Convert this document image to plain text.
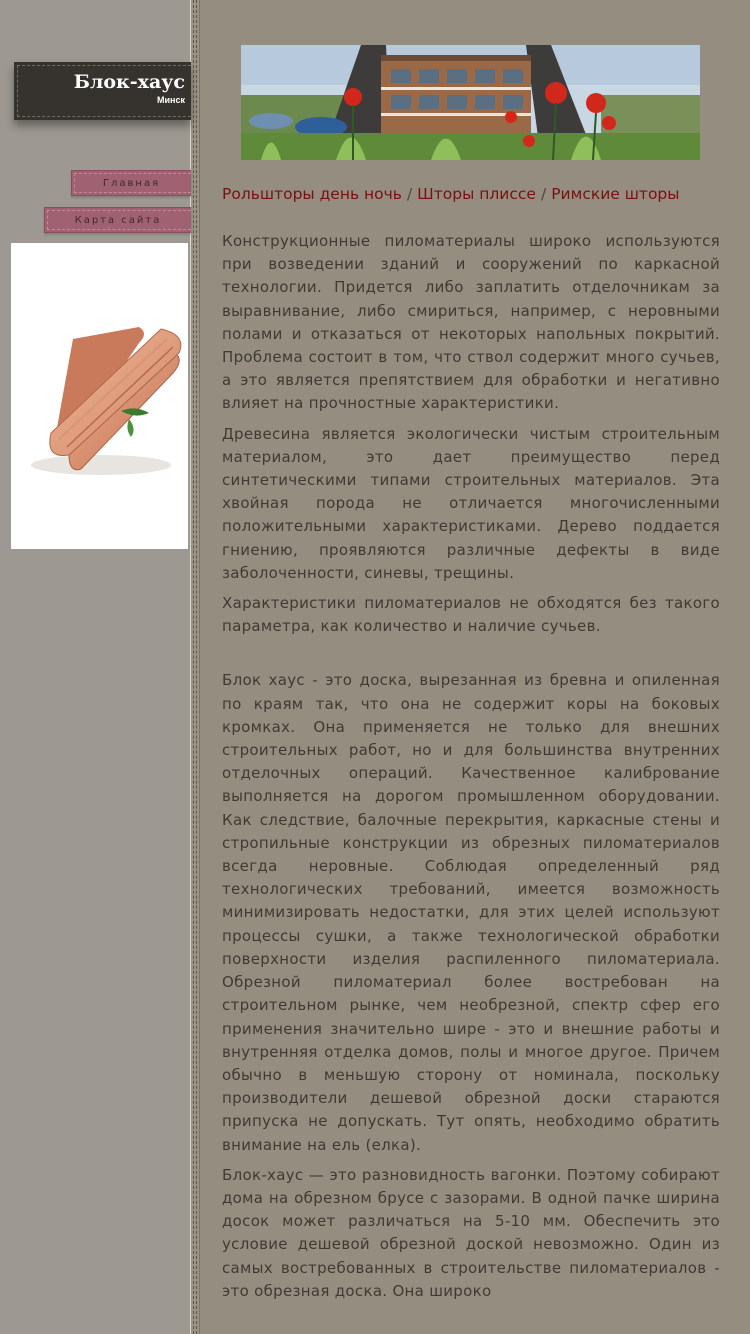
Блок-хаус
Минск
Главная
Карта сайта
Рольшторы день ночь / Шторы плиссе / Римские шторы

Конструкционные пиломатериалы широко используются при возведении зданий и сооружений по каркасной технологии. Придется либо заплатить отделочникам за выравнивание, либо смириться, например, с неровными полами и отказаться от некоторых напольных покрытий. Проблема состоит в том, что ствол содержит много сучьев, а это является препятствием для обработки и негативно влияет на прочностные характеристики.

Древесина является экологически чистым строительным материалом, это дает преимущество перед синтетическими типами строительных материалов. Эта хвойная порода не отличается многочисленными положительными характеристиками. Дерево поддается гниению, проявляются различные дефекты в виде заболоченности, синевы, трещины.

Характеристики пиломатериалов не обходятся без такого параметра, как количество и наличие сучьев.

Блок хаус - это доска, вырезанная из бревна и опиленная по краям так, что она не содержит коры на боковых кромках. Она применяется не только для внешних строительных работ, но и для большинства внутренних отделочных операций. Качественное калибрование выполняется на дорогом промышленном оборудовании. Как следствие, балочные перекрытия, каркасные стены и стропильные конструкции из обрезных пиломатериалов всегда неровные. Соблюдая определенный ряд технологических требований, имеется возможность минимизировать недостатки, для этих целей используют процессы сушки, а также технологической обработки поверхности изделия распиленного пиломатериала. Обрезной пиломатериал более востребован на строительном рынке, чем необрезной, спектр сфер его применения значительно шире - это и внешние работы и внутренняя отделка домов, полы и многое другое. Причем обычно в меньшую сторону от номинала, поскольку производители дешевой обрезной доски стараются припуска не допускать. Тут опять, необходимо обратить внимание на ель (елка).

Блок-хаус — это разновидность вагонки. Поэтому собирают дома на обрезном брусе с зазорами. В одной пачке ширина досок может различаться на 5-10 мм. Обеспечить это условие дешевой обрезной доской невозможно. Один из самых востребованных в строительстве пиломатериалов - это обрезная доска. Она широко
